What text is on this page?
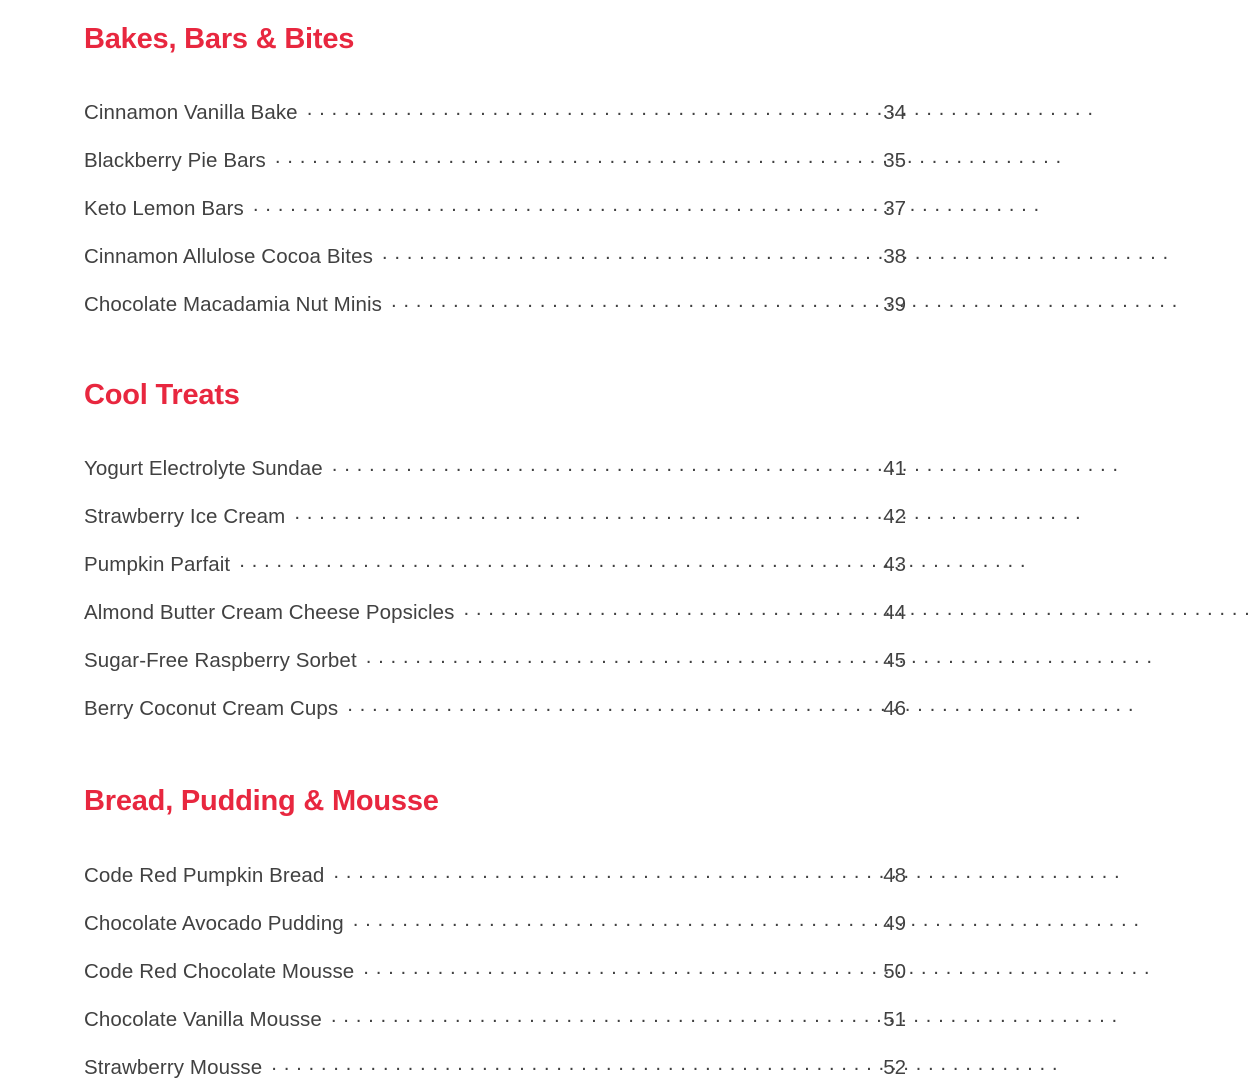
Bakes, Bars & Bites
Cinnamon Vanilla Bake . . .	34
Blackberry Pie Bars . . .	35
Keto Lemon Bars . . .	37
Cinnamon Allulose Cocoa Bites . . .	38
Chocolate Macadamia Nut Minis . . .	39
Cool Treats
Yogurt Electrolyte Sundae . . .	41
Strawberry Ice Cream . . .	42
Pumpkin Parfait . . .	43
Almond Butter Cream Cheese Popsicles . . .	44
Sugar-Free Raspberry Sorbet . . .	45
Berry Coconut Cream Cups . . .	46
Bread, Pudding & Mousse
Code Red Pumpkin Bread . . .	48
Chocolate Avocado Pudding . . .	49
Code Red Chocolate Mousse . . .	50
Chocolate Vanilla Mousse . . .	51
Strawberry Mousse . . .	52
